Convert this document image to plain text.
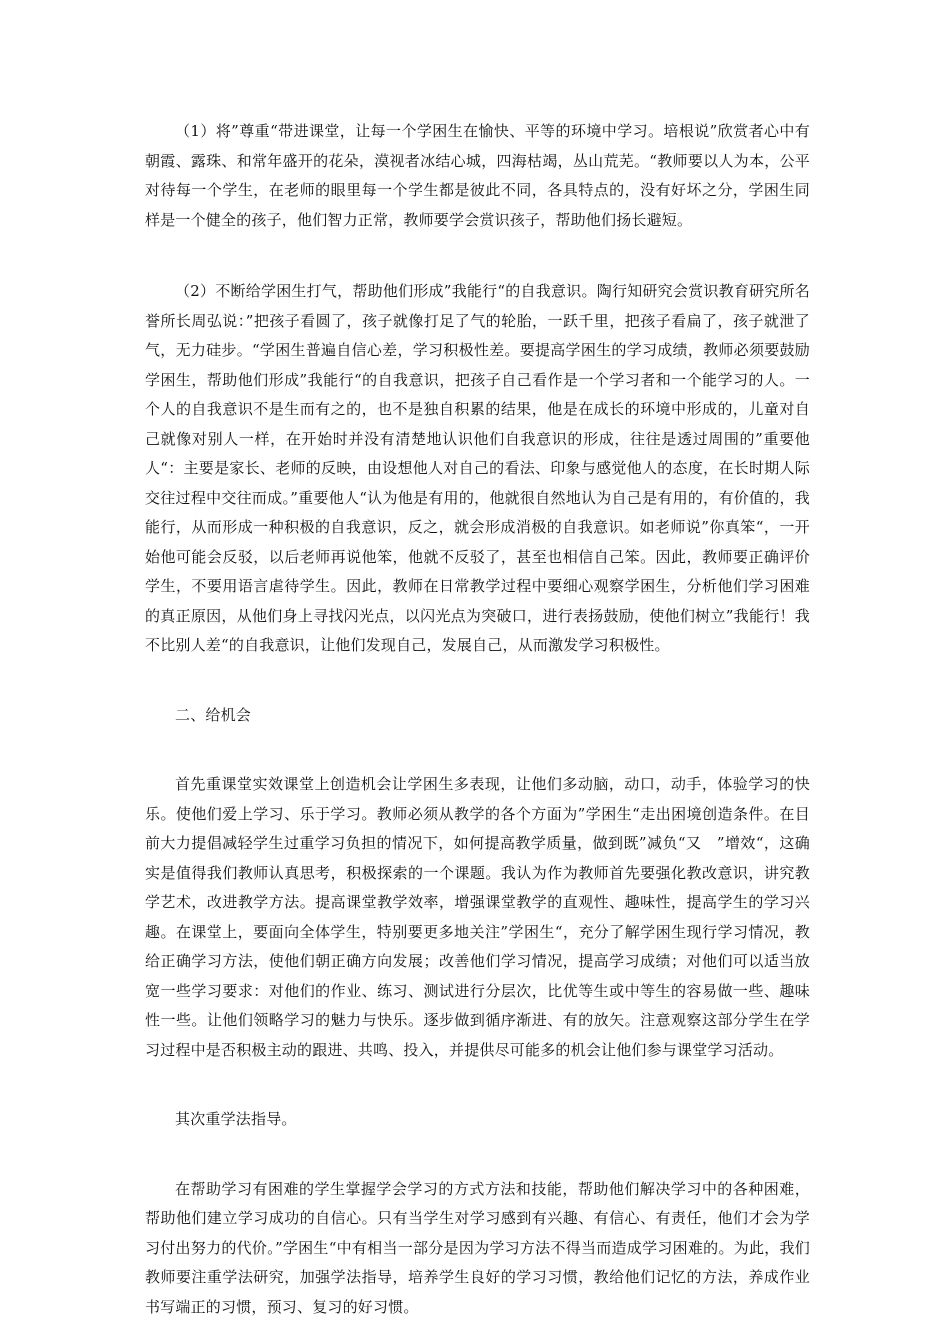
（1）将”尊重“带进课堂，让每一个学困生在愉快、平等的环境中学习。培根说”欣赏者心中有朝霞、露珠、和常年盛开的花朵，漠视者冰结心城，四海枯竭，丛山荒芜。“教师要以人为本，公平对待每一个学生，在老师的眼里每一个学生都是彼此不同，各具特点的，没有好坏之分，学困生同样是一个健全的孩子，他们智力正常，教师要学会赏识孩子，帮助他们扬长避短。

（2）不断给学困生打气，帮助他们形成”我能行“的自我意识。陶行知研究会赏识教育研究所名誉所长周弘说：”把孩子看圆了，孩子就像打足了气的轮胎，一跃千里，把孩子看扁了，孩子就泄了气，无力硅步。“学困生普遍自信心差，学习积极性差。要提高学困生的学习成绩，教师必须要鼓励学困生，帮助他们形成”我能行“的自我意识，把孩子自己看作是一个学习者和一个能学习的人。一个人的自我意识不是生而有之的，也不是独自积累的结果，他是在成长的环境中形成的，儿童对自己就像对别人一样，在开始时并没有清楚地认识他们自我意识的形成，往往是透过周围的”重要他人“：主要是家长、老师的反映，由设想他人对自己的看法、印象与感觉他人的态度，在长时期人际交往过程中交往而成。”重要他人“认为他是有用的，他就很自然地认为自己是有用的，有价值的，我能行，从而形成一种积极的自我意识，反之，就会形成消极的自我意识。如老师说”你真笨“，一开始他可能会反驳，以后老师再说他笨，他就不反驳了，甚至也相信自己笨。因此，教师要正确评价学生，不要用语言虐待学生。因此，教师在日常教学过程中要细心观察学困生，分析他们学习困难的真正原因，从他们身上寻找闪光点，以闪光点为突破口，进行表扬鼓励，使他们树立”我能行！我不比别人差“的自我意识，让他们发现自己，发展自己，从而激发学习积极性。

二、给机会

首先重课堂实效课堂上创造机会让学困生多表现，让他们多动脑，动口，动手，体验学习的快乐。使他们爱上学习、乐于学习。教师必须从教学的各个方面为”学困生“走出困境创造条件。在目前大力提倡减轻学生过重学习负担的情况下，如何提高教学质量，做到既”减负“又　”增效“，这确实是值得我们教师认真思考，积极探索的一个课题。我认为作为教师首先要强化教改意识，讲究教学艺术，改进教学方法。提高课堂教学效率，增强课堂教学的直观性、趣味性，提高学生的学习兴趣。在课堂上，要面向全体学生，特别要更多地关注”学困生“，充分了解学困生现行学习情况，教给正确学习方法，使他们朝正确方向发展；改善他们学习情况，提高学习成绩；对他们可以适当放宽一些学习要求：对他们的作业、练习、测试进行分层次，比优等生或中等生的容易做一些、趣味性一些。让他们领略学习的魅力与快乐。逐步做到循序渐进、有的放矢。注意观察这部分学生在学习过程中是否积极主动的跟进、共鸣、投入，并提供尽可能多的机会让他们参与课堂学习活动。

其次重学法指导。

在帮助学习有困难的学生掌握学会学习的方式方法和技能，帮助他们解决学习中的各种困难，帮助他们建立学习成功的自信心。只有当学生对学习感到有兴趣、有信心、有责任，他们才会为学习付出努力的代价。”学困生“中有相当一部分是因为学习方法不得当而造成学习困难的。为此，我们教师要注重学法研究，加强学法指导，培养学生良好的学习习惯，教给他们记忆的方法，养成作业书写端正的习惯，预习、复习的好习惯。
